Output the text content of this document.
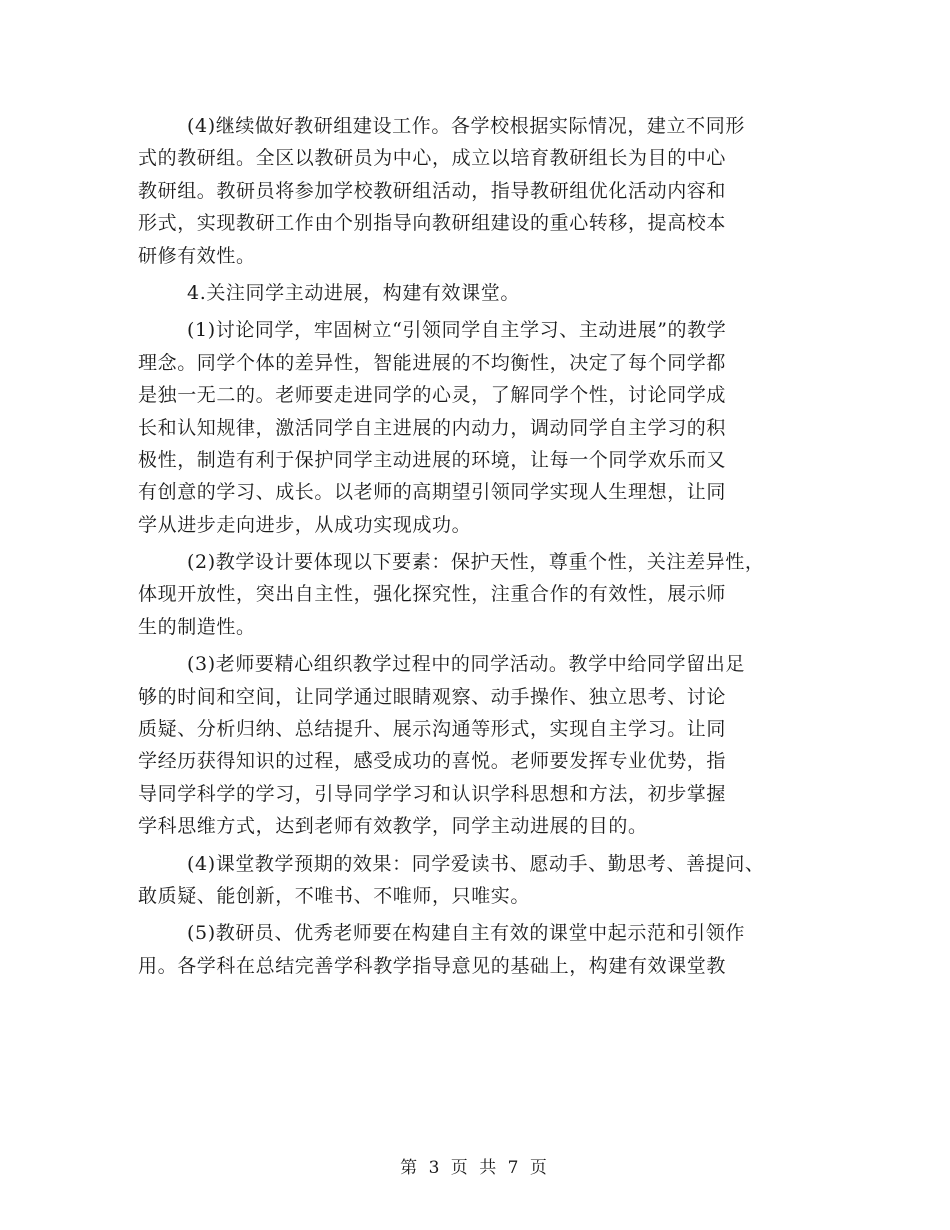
(4)继续做好教研组建设工作。各学校根据实际情况，建立不同形
式的教研组。全区以教研员为中心，成立以培育教研组长为目的中心
教研组。教研员将参加学校教研组活动，指导教研组优化活动内容和
形式，实现教研工作由个别指导向教研组建设的重心转移，提高校本
研修有效性。
4.关注同学主动进展，构建有效课堂。
(1)讨论同学，牢固树立“引领同学自主学习、主动进展”的教学
理念。同学个体的差异性，智能进展的不均衡性，决定了每个同学都
是独一无二的。老师要走进同学的心灵，了解同学个性，讨论同学成
长和认知规律，激活同学自主进展的内动力，调动同学自主学习的积
极性，制造有利于保护同学主动进展的环境，让每一个同学欢乐而又
有创意的学习、成长。以老师的高期望引领同学实现人生理想，让同
学从进步走向进步，从成功实现成功。
(2)教学设计要体现以下要素：保护天性，尊重个性，关注差异性，
体现开放性，突出自主性，强化探究性，注重合作的有效性，展示师
生的制造性。
(3)老师要精心组织教学过程中的同学活动。教学中给同学留出足
够的时间和空间，让同学通过眼睛观察、动手操作、独立思考、讨论
质疑、分析归纳、总结提升、展示沟通等形式，实现自主学习。让同
学经历获得知识的过程，感受成功的喜悦。老师要发挥专业优势，指
导同学科学的学习，引导同学学习和认识学科思想和方法，初步掌握
学科思维方式，达到老师有效教学，同学主动进展的目的。
(4)课堂教学预期的效果：同学爱读书、愿动手、勤思考、善提问、
敢质疑、能创新，不唯书、不唯师，只唯实。
(5)教研员、优秀老师要在构建自主有效的课堂中起示范和引领作
用。各学科在总结完善学科教学指导意见的基础上，构建有效课堂教
第 3 页 共 7 页
